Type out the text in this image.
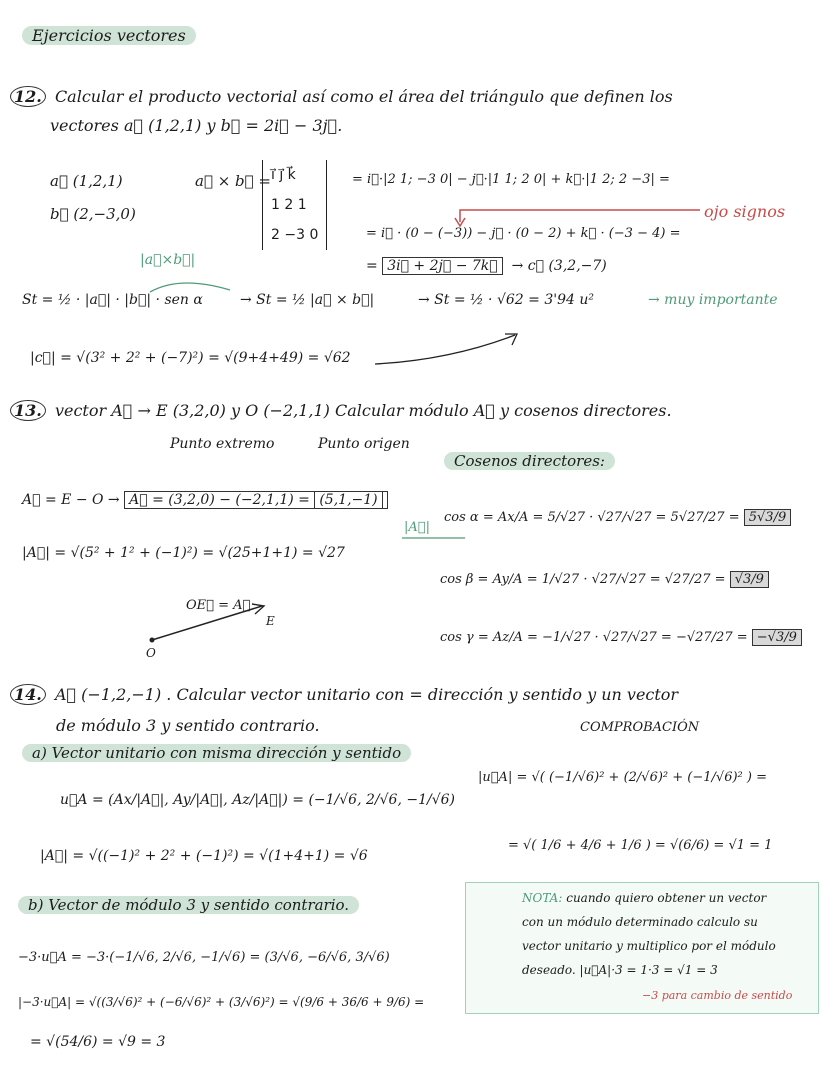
Ejercicios vectores
12. Calcular el producto vectorial así como el área del triángulo que definen los
vectores a⃗ (1,2,1) y b⃗ = 2i⃗ − 3j⃗.
a⃗ (1,2,1)
b⃗ (2,−3,0)
a⃗ × b⃗ = i⃗ j⃗ k⃗
1 2 1
2 −3 0
= i⃗·|2 1; −3 0| − j⃗·|1 1; 2 0| + k⃗·|1 2; 2 −3| =
= i⃗ · (0 − (−3)) − j⃗ · (0 − 2) + k⃗ · (−3 − 4) =
ojo signos
= 3i⃗ + 2j⃗ − 7k⃗ → c⃗ (3,2,−7)
|a⃗×b⃗|
St = ½ · |a⃗| · |b⃗| · sen α	→ St = ½ |a⃗ × b⃗|	→ St = ½ · √62 = 3'94 u²	→ muy importante
|c⃗| = √(3² + 2² + (−7)²) = √(9+4+49) = √62
13. vector A⃗ → E (3,2,0) y O (−2,1,1) Calcular módulo A⃗ y cosenos directores.
Punto extremo	Punto origen
Cosenos directores:
A⃗ = E − O → A⃗ = (3,2,0) − (−2,1,1) = (5,1,−1)
|A⃗| = √(5² + 1² + (−1)²) = √(25+1+1) = √27
|A⃗|
OE⃗ = A⃗
E
O
cos α = Ax/A = 5/√27 · √27/√27 = 5√27/27 = 5√3/9
cos β = Ay/A = 1/√27 · √27/√27 = √27/27 = √3/9
cos γ = Az/A = −1/√27 · √27/√27 = −√27/27 = −√3/9
14. A⃗ (−1,2,−1) . Calcular vector unitario con = dirección y sentido y un vector
de módulo 3 y sentido contrario.	COMPROBACIÓN
a) Vector unitario con misma dirección y sentido
u⃗A = (Ax/|A⃗|, Ay/|A⃗|, Az/|A⃗|) = (−1/√6, 2/√6, −1/√6)
|A⃗| = √((−1)² + 2² + (−1)²) = √(1+4+1) = √6
|u⃗A| = √( (−1/√6)² + (2/√6)² + (−1/√6)² ) =
= √( 1/6 + 4/6 + 1/6 ) = √(6/6) = √1 = 1
b) Vector de módulo 3 y sentido contrario.
−3·u⃗A = −3·(−1/√6, 2/√6, −1/√6) = (3/√6, −6/√6, 3/√6)
|−3·u⃗A| = √((3/√6)² + (−6/√6)² + (3/√6)²) = √(9/6 + 36/6 + 9/6) =
= √(54/6) = √9 = 3
NOTA: cuando quiero obtener un vector
con un módulo determinado calculo su
vector unitario y multiplico por el módulo
deseado. |u⃗A|·3 = 1·3 = √1 = 3
−3 para cambio de sentido
